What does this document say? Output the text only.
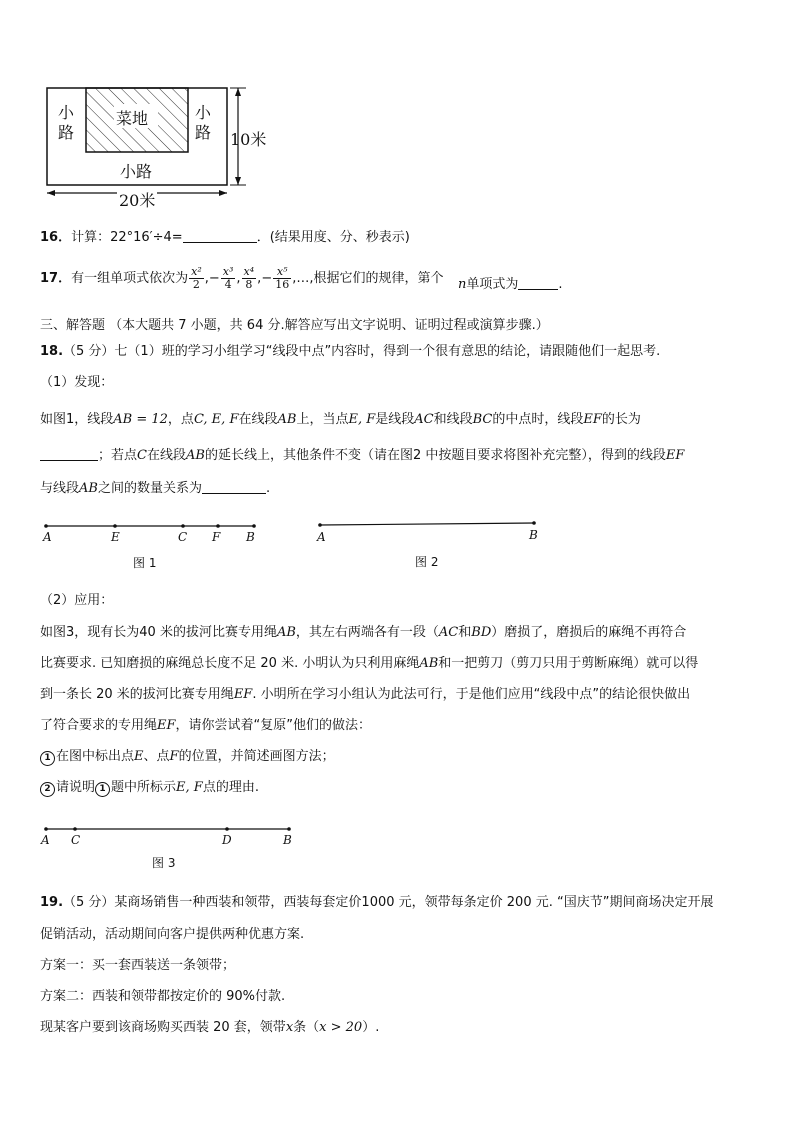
小
路
菜地	小
路
小路
10米
20米
16．计算：22°16′÷4=	．(结果用度、分、秒表示)
17．有一组单项式依次为 $\frac{\text{x²}}{2}$ ,− $\frac{\text{x³}}{4}$ , $\frac{\text{x⁴}}{8}$ ,− $\frac{\text{x⁵}}{16}$ ,…,根据它们的规律，第个 n单项式为	.
三、解答题 （本大题共 7 小题，共 64 分.解答应写出文字说明、证明过程或演算步骤.）
18.（5 分）七（1）班的学习小组学习“线段中点”内容时，得到一个很有意思的结论，请跟随他们一起思考.
（1）发现：
如图1，线段AB = 12，点C, E, F在线段AB上，当点E, F是线段AC和线段BC的中点时，线段EF的长为
；若点C在线段AB的延长线上，其他条件不变（请在图2 中按题目要求将图补充完整），得到的线段EF
与线段AB之间的数量关系为	.
A	E	C F B
图 1
A	B
图 2
（2）应用：
如图3，现有长为40 米的拔河比赛专用绳AB，其左右两端各有一段（AC和BD）磨损了，磨损后的麻绳不再符合
比赛要求. 已知磨损的麻绳总长度不足 20 米. 小明认为只利用麻绳AB和一把剪刀（剪刀只用于剪断麻绳）就可以得
到一条长 20 米的拔河比赛专用绳EF. 小明所在学习小组认为此法可行，于是他们应用“线段中点”的结论很快做出
了符合要求的专用绳EF，请你尝试着“复原”他们的做法：
1 在图中标出点E、点F的位置，并简述画图方法；
2 请说明 1 题中所标示E, F点的理由.
A C	D	B
图 3
19.（5 分）某商场销售一种西装和领带，西装每套定价1000 元，领带每条定价 200 元. “国庆节”期间商场决定开展
促销活动，活动期间向客户提供两种优惠方案.
方案一：买一套西装送一条领带；
方案二：西装和领带都按定价的 90%付款.
现某客户要到该商场购买西装 20 套，领带x条（x > 20）.
